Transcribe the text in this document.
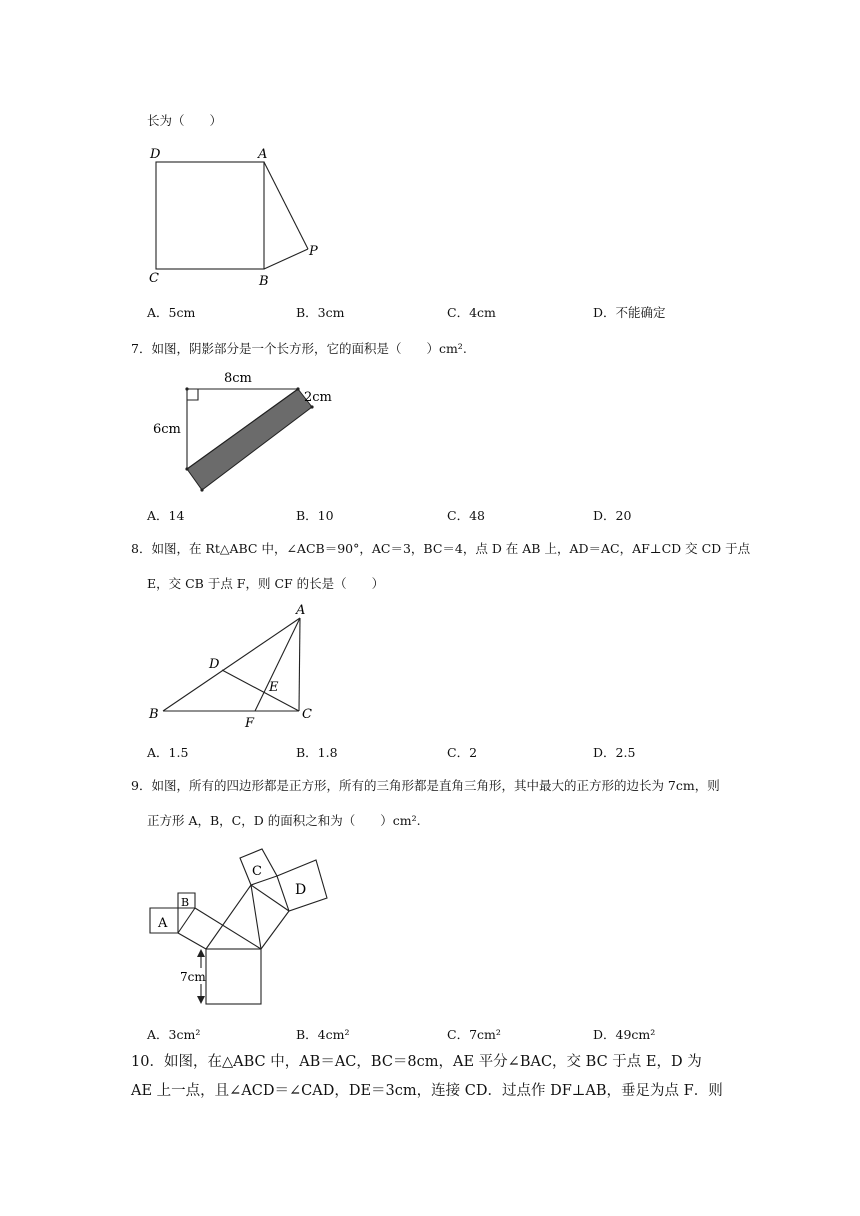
长为（　　）
D	A
C	B
P
A．5cm	B．3cm	C．4cm	D．不能确定
7．如图，阴影部分是一个长方形，它的面积是（　　）cm².
8cm
6cm
2cm
A．14	B．10	C．48	D．20
8．如图，在 Rt△ABC 中，∠ACB＝90°，AC＝3，BC＝4，点 D 在 AB 上，AD＝AC，AF⊥CD 交 CD 于点
E，交 CB 于点 F，则 CF 的长是（　　）
A
D
E
B
F
C
A．1.5	B．1.8	C．2	D．2.5
9．如图，所有的四边形都是正方形，所有的三角形都是直角三角形，其中最大的正方形的边长为 7cm，则
正方形 A，B，C，D 的面积之和为（　　）cm².
7cm
A
B
C
D
A．3cm²	B．4cm²	C．7cm²	D．49cm²
10．如图，在△ABC 中，AB＝AC，BC＝8cm，AE 平分∠BAC，交 BC 于点 E，D 为
AE 上一点，且∠ACD＝∠CAD，DE＝3cm，连接 CD．过点作 DF⊥AB，垂足为点 F．则
